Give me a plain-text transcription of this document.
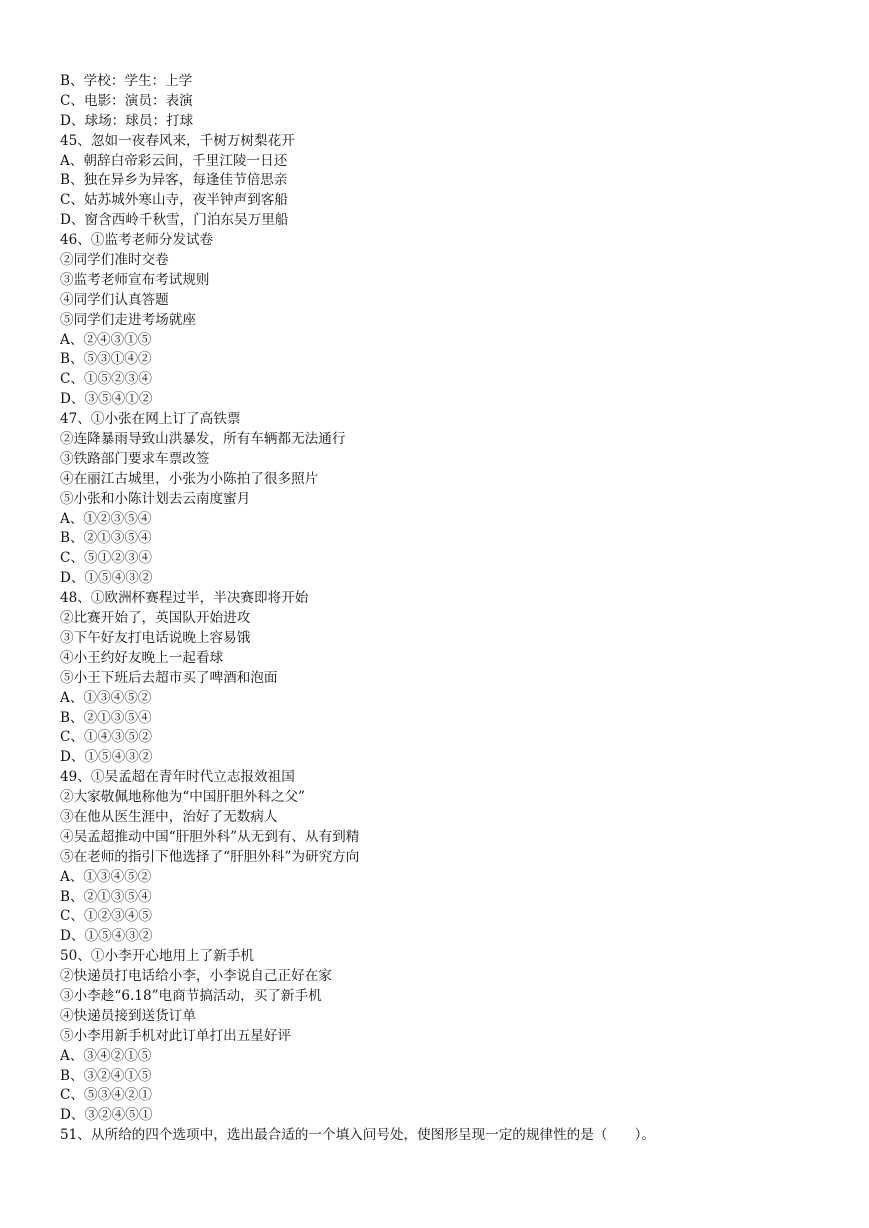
B、学校：学生：上学
C、电影：演员：表演
D、球场：球员：打球
45、忽如一夜春风来，千树万树梨花开
A、朝辞白帝彩云间，千里江陵一日还
B、独在异乡为异客，每逢佳节倍思亲
C、姑苏城外寒山寺，夜半钟声到客船
D、窗含西岭千秋雪，门泊东吴万里船
46、①监考老师分发试卷
②同学们准时交卷
③监考老师宣布考试规则
④同学们认真答题
⑤同学们走进考场就座
A、②④③①⑤
B、⑤③①④②
C、①⑤②③④
D、③⑤④①②
47、①小张在网上订了高铁票
②连降暴雨导致山洪暴发，所有车辆都无法通行
③铁路部门要求车票改签
④在丽江古城里，小张为小陈拍了很多照片
⑤小张和小陈计划去云南度蜜月
A、①②③⑤④
B、②①③⑤④
C、⑤①②③④
D、①⑤④③②
48、①欧洲杯赛程过半，半决赛即将开始
②比赛开始了，英国队开始进攻
③下午好友打电话说晚上容易饿
④小王约好友晚上一起看球
⑤小王下班后去超市买了啤酒和泡面
A、①③④⑤②
B、②①③⑤④
C、①④③⑤②
D、①⑤④③②
49、①吴孟超在青年时代立志报效祖国
②大家敬佩地称他为“中国肝胆外科之父”
③在他从医生涯中，治好了无数病人
④吴孟超推动中国“肝胆外科”从无到有、从有到精
⑤在老师的指引下他选择了“肝胆外科”为研究方向
A、①③④⑤②
B、②①③⑤④
C、①②③④⑤
D、①⑤④③②
50、①小李开心地用上了新手机
②快递员打电话给小李，小李说自己正好在家
③小李趁“6.18”电商节搞活动，买了新手机
④快递员接到送货订单
⑤小李用新手机对此订单打出五星好评
A、③④②①⑤
B、③②④①⑤
C、⑤③④②①
D、③②④⑤①
51、从所给的四个选项中，选出最合适的一个填入问号处，使图形呈现一定的规律性的是（　　）。
